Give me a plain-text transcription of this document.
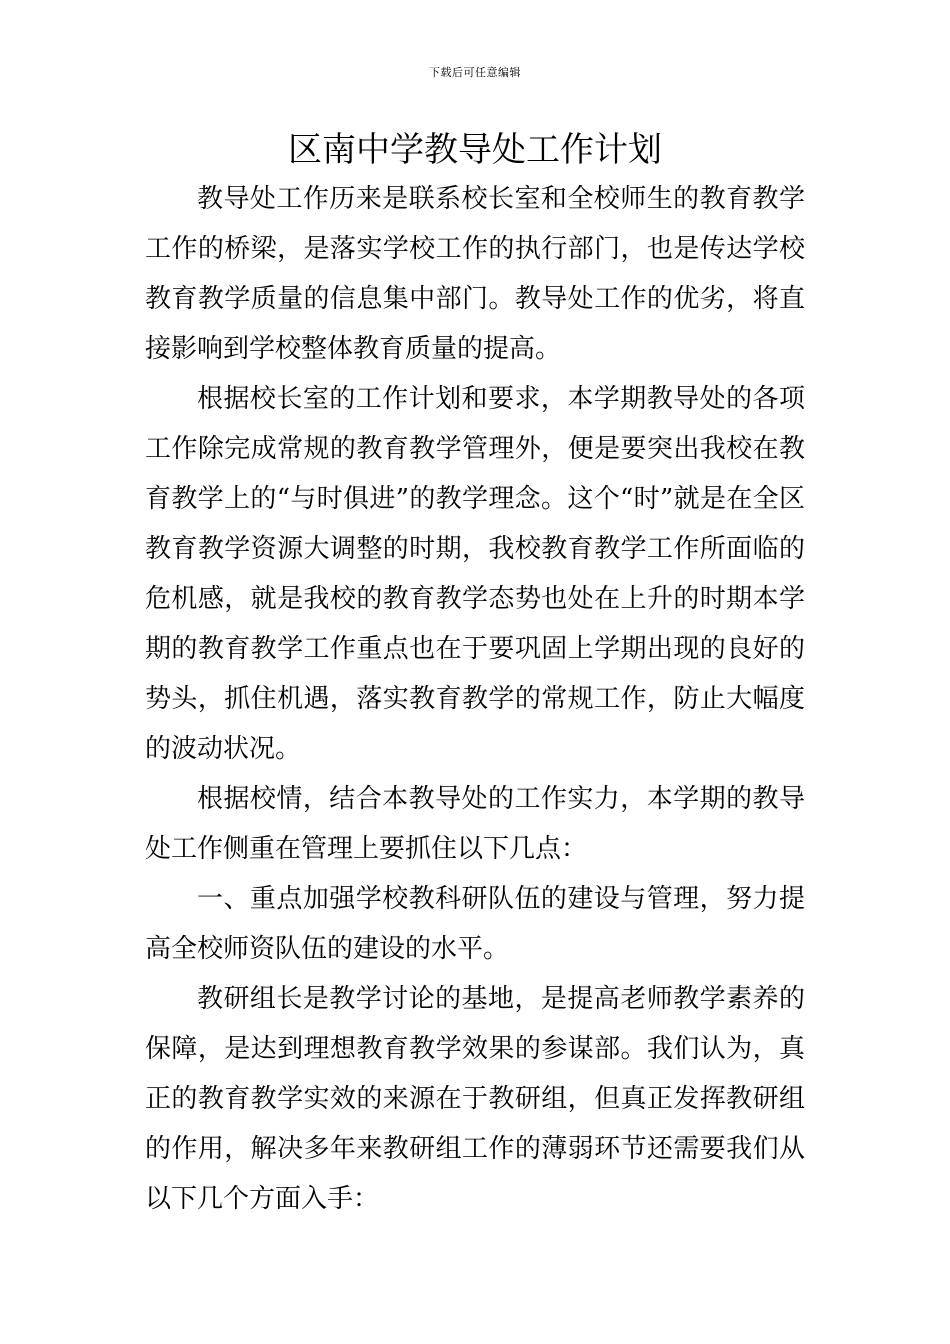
下载后可任意编辑
区南中学教导处工作计划

教导处工作历来是联系校长室和全校师生的教育教学工作的桥梁，是落实学校工作的执行部门，也是传达学校教育教学质量的信息集中部门。教导处工作的优劣，将直接影响到学校整体教育质量的提高。

根据校长室的工作计划和要求，本学期教导处的各项工作除完成常规的教育教学管理外，便是要突出我校在教育教学上的“与时俱进”的教学理念。这个“时”就是在全区教育教学资源大调整的时期，我校教育教学工作所面临的危机感，就是我校的教育教学态势也处在上升的时期本学期的教育教学工作重点也在于要巩固上学期出现的良好的势头，抓住机遇，落实教育教学的常规工作，防止大幅度的波动状况。

根据校情，结合本教导处的工作实力，本学期的教导处工作侧重在管理上要抓住以下几点：

一、重点加强学校教科研队伍的建设与管理，努力提高全校师资队伍的建设的水平。

教研组长是教学讨论的基地，是提高老师教学素养的保障，是达到理想教育教学效果的参谋部。我们认为，真正的教育教学实效的来源在于教研组，但真正发挥教研组的作用，解决多年来教研组工作的薄弱环节还需要我们从以下几个方面入手：
